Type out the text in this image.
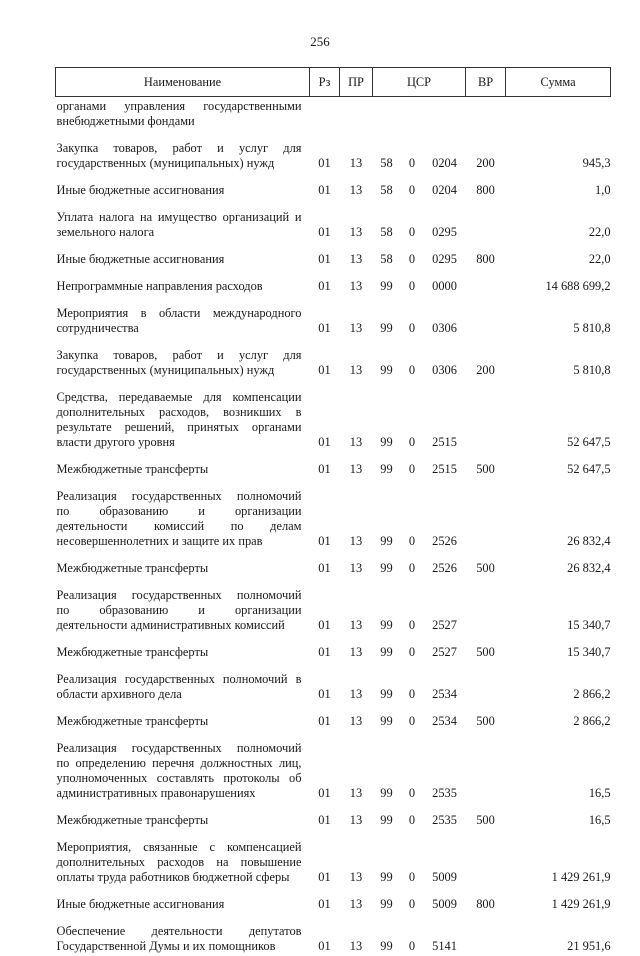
256
Наименование	Рз	ПР	ЦСР			ВР	Сумма

органами управления государственными
внебюджетными фондами							

Закупка товаров, работ и услуг для
государственных (муниципальных) нужд	01	13	58	0	0204	200	945,3

Иные бюджетные ассигнования	01	13	58	0	0204	800	1,0

Уплата налога на имущество организаций и
земельного налога	01	13	58	0	0295		22,0

Иные бюджетные ассигнования	01	13	58	0	0295	800	22,0

Непрограммные направления расходов	01	13	99	0	0000		14 688 699,2

Мероприятия в области международного
сотрудничества	01	13	99	0	0306		5 810,8

Закупка товаров, работ и услуг для
государственных (муниципальных) нужд	01	13	99	0	0306	200	5 810,8

Средства, передаваемые для компенсации
дополнительных расходов, возникших в
результате решений, принятых органами
власти другого уровня	01	13	99	0	2515		52 647,5

Межбюджетные трансферты	01	13	99	0	2515	500	52 647,5

Реализация государственных полномочий
по образованию и организации
деятельности комиссий по делам
несовершеннолетних и защите их прав	01	13	99	0	2526		26 832,4

Межбюджетные трансферты	01	13	99	0	2526	500	26 832,4

Реализация государственных полномочий
по образованию и организации
деятельности административных комиссий	01	13	99	0	2527		15 340,7

Межбюджетные трансферты	01	13	99	0	2527	500	15 340,7

Реализация государственных полномочий в
области архивного дела	01	13	99	0	2534		2 866,2

Межбюджетные трансферты	01	13	99	0	2534	500	2 866,2

Реализация государственных полномочий
по определению перечня должностных лиц,
уполномоченных составлять протоколы об
административных правонарушениях	01	13	99	0	2535		16,5

Межбюджетные трансферты	01	13	99	0	2535	500	16,5

Мероприятия, связанные с компенсацией
дополнительных расходов на повышение
оплаты труда работников бюджетной сферы	01	13	99	0	5009		1 429 261,9

Иные бюджетные ассигнования	01	13	99	0	5009	800	1 429 261,9

Обеспечение деятельности депутатов
Государственной Думы и их помощников	01	13	99	0	5141		21 951,6
